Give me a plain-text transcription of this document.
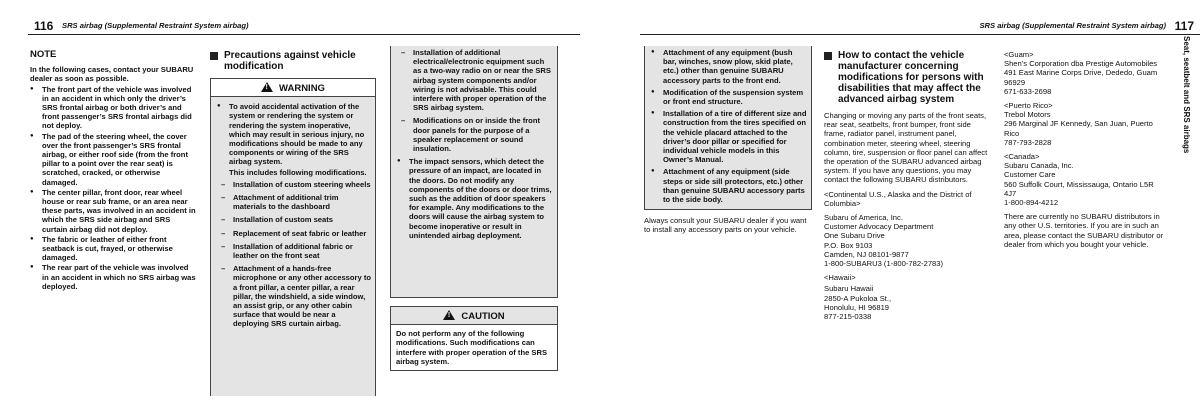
116 SRS airbag (Supplemental Restraint System airbag)
NOTE
In the following cases, contact your SUBARU dealer as soon as possible.
● The front part of the vehicle was involved in an accident in which only the driver’s SRS frontal airbag or both driver’s and front passenger’s SRS frontal airbags did not deploy.
● The pad of the steering wheel, the cover over the front passenger’s SRS frontal airbag, or either roof side (from the front pillar to a point over the rear seat) is scratched, cracked, or otherwise damaged.
● The center pillar, front door, rear wheel house or rear sub frame, or an area near these parts, was involved in an accident in which the SRS side airbag and SRS curtain airbag did not deploy.
● The fabric or leather of either front seatback is cut, frayed, or otherwise damaged.
● The rear part of the vehicle was involved in an accident in which no SRS airbag was deployed.
Precautions against vehicle modification
!WARNING
● To avoid accidental activation of the system or rendering the system or rendering the system inoperative, which may result in serious injury, no modifications should be made to any components or wiring of the SRS airbag system.
This includes following modifications.
– Installation of custom steering wheels
– Attachment of additional trim materials to the dashboard
– Installation of custom seats
– Replacement of seat fabric or leather
– Installation of additional fabric or leather on the front seat
– Attachment of a hands-free microphone or any other accessory to a front pillar, a center pillar, a rear pillar, the windshield, a side window, an assist grip, or any other cabin surface that would be near a deploying SRS curtain airbag.
– Installation of additional electrical/electronic equipment such as a two-way radio on or near the SRS airbag system components and/or wiring is not advisable. This could interfere with proper operation of the SRS airbag system.
– Modifications on or inside the front door panels for the purpose of a speaker replacement or sound insulation.
● The impact sensors, which detect the pressure of an impact, are located in the doors. Do not modify any components of the doors or door trims, such as the addition of door speakers for example. Any modifications to the doors will cause the airbag system to become inoperative or result in unintended airbag deployment.
!CAUTION
Do not perform any of the following modifications. Such modifications can interfere with proper operation of the SRS airbag system.
SRS airbag (Supplemental Restraint System airbag) 117
● Attachment of any equipment (bush bar, winches, snow plow, skid plate, etc.) other than genuine SUBARU accessory parts to the front end.
● Modification of the suspension system or front end structure.
● Installation of a tire of different size and construction from the tires specified on the vehicle placard attached to the driver’s door pillar or specified for individual vehicle models in this Owner’s Manual.
● Attachment of any equipment (side steps or side sill protectors, etc.) other than genuine SUBARU accessory parts to the side body.
Always consult your SUBARU dealer if you want to install any accessory parts on your vehicle.
How to contact the vehicle manufacturer concerning modifications for persons with disabilities that may affect the advanced airbag system

Changing or moving any parts of the front seats, rear seat, seatbelts, front bumper, front side frame, radiator panel, instrument panel, combination meter, steering wheel, steering column, tire, suspension or floor panel can affect the operation of the SUBARU advanced airbag system. If you have any questions, you may contact the following SUBARU distributors.

<Continental U.S., Alaska and the District of Columbia>

Subaru of America, Inc.
Customer Advocacy Department
One Subaru Drive
P.O. Box 9103
Camden, NJ 08101-9877
1-800-SUBARU3 (1-800-782-2783)

<Hawaii>

Subaru Hawaii
2850-A Pukoloa St.,
Honolulu, HI 96819
877-215-0338
<Guam>
Shen’s Corporation dba Prestige Automobiles
491 East Marine Corps Drive, Dededo, Guam 96929
671-633-2698
<Puerto Rico>
Trebol Motors
296 Marginal JF Kennedy, San Juan, Puerto Rico
787-793-2828
<Canada>
Subaru Canada, Inc.
Customer Care
560 Suffolk Court, Mississauga, Ontario L5R 4J7
1-800-894-4212
There are currently no SUBARU distributors in any other U.S. territories. If you are in such an area, please contact the SUBARU distributor or dealer from which you bought your vehicle.
Seat, seatbelt and SRS airbags
